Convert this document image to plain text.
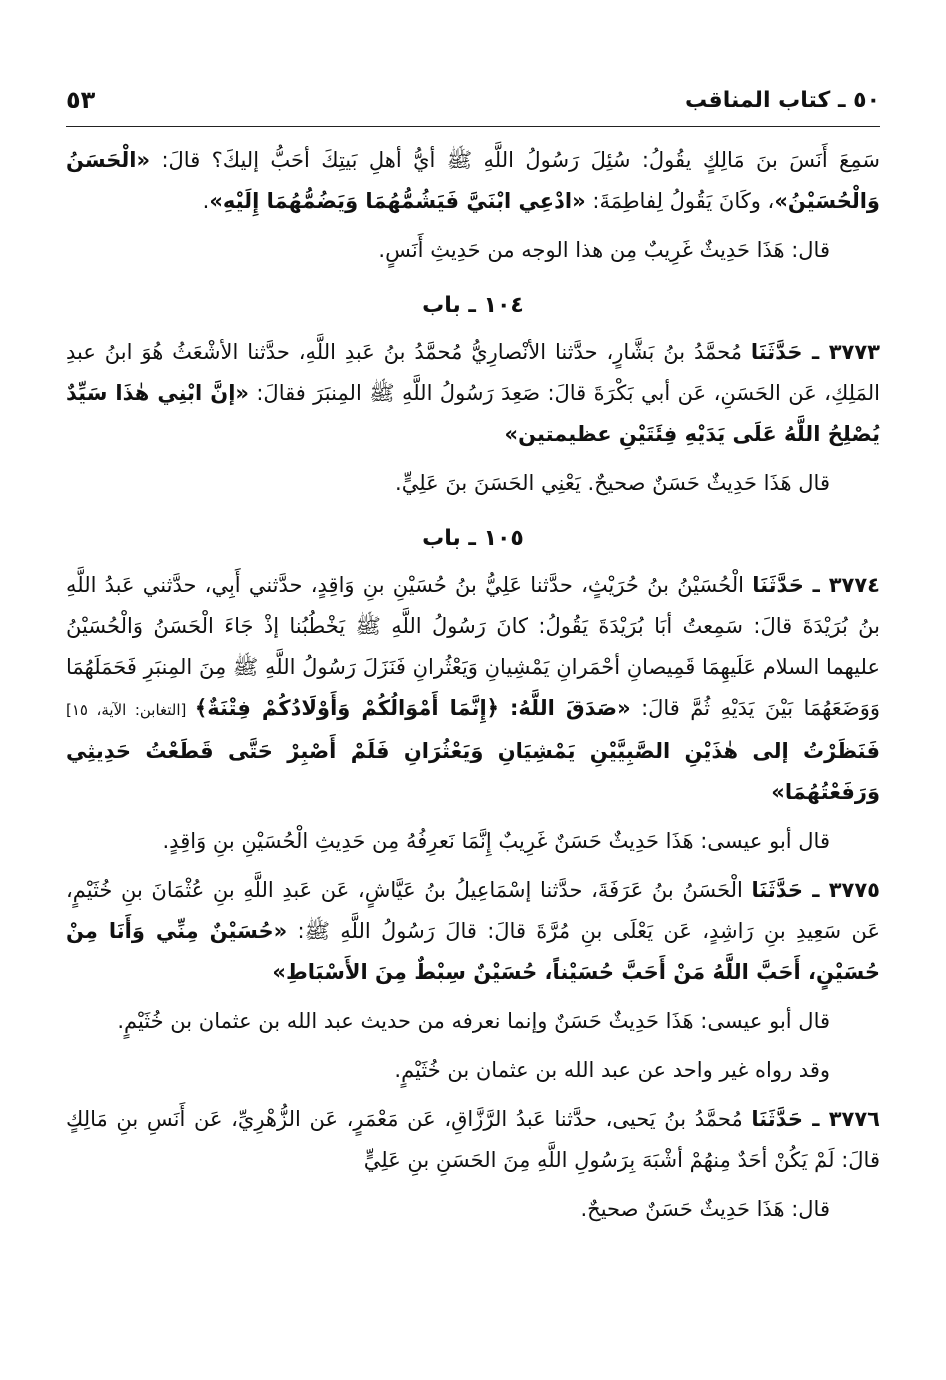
٥٠ ـ كتاب المناقب
٥٣

سَمِعَ أَنَسَ بنَ مَالِكٍ يقُولُ: سُئِلَ رَسُولُ اللَّهِ ﷺ أيُّ أهلِ بَيتِكَ أحَبُّ إليكَ؟ قالَ: «الْحَسَنُ وَالْحُسَيْنُ»، وكَانَ يَقُولُ لِفاطِمَةَ: «ادْعِي ابْنَيَّ فَيَشُمُّهُمَا وَيَضُمُّهُمَا إِلَيْهِ».

قال: هَذَا حَدِيثٌ غَرِيبٌ مِن هذا الوجه من حَدِيثِ أَنَسٍ.

١٠٤ ـ باب

٣٧٧٣ ـ حَدَّثَنَا مُحمَّدُ بنُ بَشَّارٍ، حدَّثنا الأنْصارِيُّ مُحمَّدُ بنُ عَبدِ اللَّهِ، حدَّثنا الأشْعَثُ هُوَ ابنُ عبدِ المَلِكِ، عَن الحَسَنِ، عَن أبي بَكْرَةَ قالَ: صَعِدَ رَسُولُ اللَّهِ ﷺ المِنبَرَ فقالَ: «إنَّ ابْنِي هٰذَا سَيِّدٌ يُصْلِحُ اللَّهُ عَلَى يَدَيْهِ فِئَتَيْنِ عظيمتين»

قال هَذَا حَدِيثٌ حَسَنٌ صحيحٌ. يَعْنِي الحَسَنَ بنَ عَلِيٍّ.

١٠٥ ـ باب

٣٧٧٤ ـ حَدَّثَنَا الْحُسَيْنُ بنُ حُرَيْثٍ، حدَّثنا عَلِيُّ بنُ حُسَيْنِ بنِ وَاقِدٍ، حدَّثني أَبِي، حدَّثني عَبدُ اللَّهِ بنُ بُرَيْدَةَ قالَ: سَمِعتُ أبَا بُرَيْدَةَ يَقُولُ: كانَ رَسُولُ اللَّهِ ﷺ يَخْطُبُنا إذْ جَاءَ الْحَسَنُ وَالْحُسَيْنُ عليهما السلام عَلَيهِمَا قَمِيصانِ أحْمَرانِ يَمْشِيانِ وَيَعْثُرانِ فَنَزَلَ رَسُولُ اللَّهِ ﷺ مِنَ المِنبَرِ فَحَمَلَهُمَا وَوَضَعَهُمَا بَيْنَ يَدَيْهِ ثُمَّ قالَ: «صَدَقَ اللَّهُ: ﴿إِنَّمَا أَمْوَالُكُمْ وَأَوْلَادُكُمْ فِتْنَةٌ﴾ [التغابن: الآية، ١٥] فَنَظَرْتُ إلى هٰذَيْنِ الصَّبِيَّيْنِ يَمْشِيَانِ وَيَعْثُرَانِ فَلَمْ أَصْبِرْ حَتَّى قَطَعْتُ حَدِيثِي وَرَفَعْتُهُمَا»

قال أبو عيسى: هَذَا حَدِيثٌ حَسَنٌ غَرِيبٌ إِنَّمَا نَعرِفُهُ مِن حَدِيثِ الْحُسَيْنِ بنِ وَاقِدٍ.

٣٧٧٥ ـ حَدَّثَنَا الْحَسَنُ بنُ عَرَفَةَ، حدَّثنا إسْمَاعِيلُ بنُ عَيَّاشٍ، عَن عَبدِ اللَّهِ بنِ عُثْمَانَ بنِ خُثَيْمٍ، عَن سَعِيدِ بنِ رَاشِدٍ، عَن يَعْلَى بنِ مُرَّةَ قالَ: قالَ رَسُولُ اللَّهِ ﷺ: «حُسَيْنٌ مِنِّي وَأَنَا مِنْ حُسَيْنٍ، أَحَبَّ اللَّهُ مَنْ أَحَبَّ حُسَيْناً، حُسَيْنٌ سِبْطٌ مِنَ الأَسْبَاطِ»

قال أبو عيسى: هَذَا حَدِيثٌ حَسَنٌ وإنما نعرفه من حديث عبد الله بن عثمان بن خُثَيْمٍ.

وقد رواه غير واحد عن عبد الله بن عثمان بن خُثَيْمٍ.

٣٧٧٦ ـ حَدَّثَنَا مُحمَّدُ بنُ يَحيى، حدَّثنا عَبدُ الرَّزَّاقِ، عَن مَعْمَرٍ، عَن الزُّهْرِيِّ، عَن أَنَسِ بنِ مَالِكٍ قالَ: لَمْ يَكُنْ أحَدٌ مِنهُمْ أشْبَهَ بِرَسُولِ اللَّهِ مِنَ الحَسَنِ بنِ عَلِيٍّ

قال: هَذَا حَدِيثٌ حَسَنٌ صحيحٌ.
